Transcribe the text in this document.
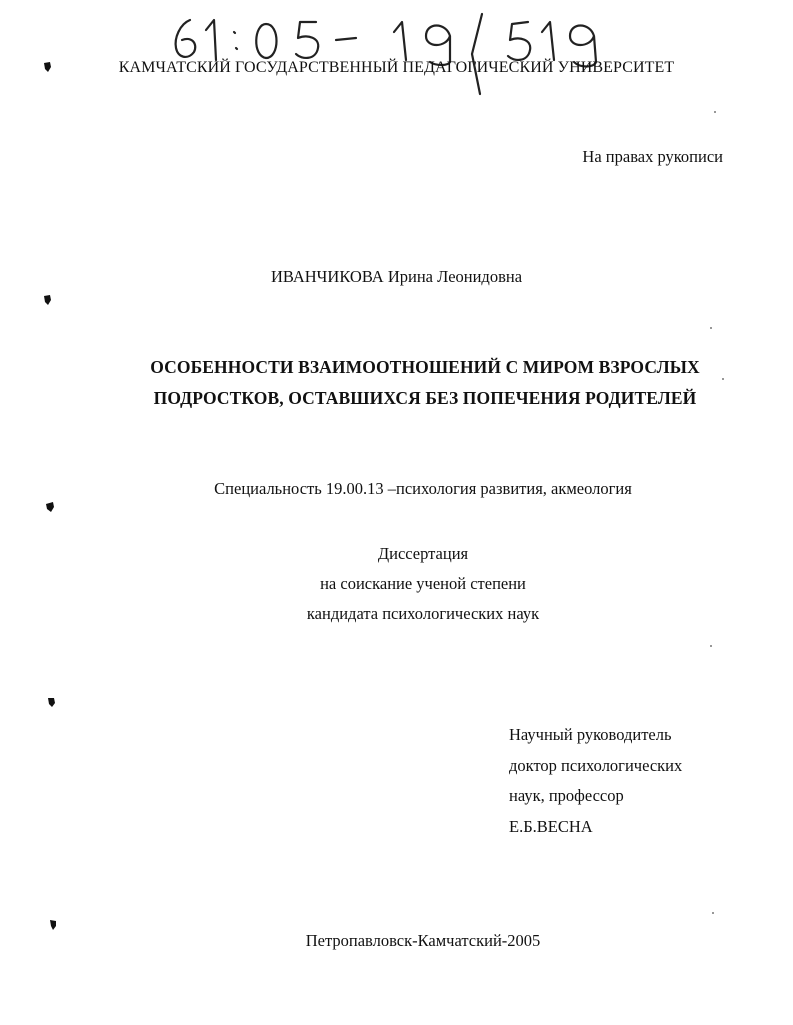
КАМЧАТСКИЙ ГОСУДАРСТВЕННЫЙ ПЕДАГОГИЧЕСКИЙ УНИВЕРСИТЕТ
На правах рукописи
ИВАНЧИКОВА Ирина Леонидовна
ОСОБЕННОСТИ ВЗАИМООТНОШЕНИЙ С МИРОМ ВЗРОСЛЫХ
ПОДРОСТКОВ, ОСТАВШИХСЯ БЕЗ ПОПЕЧЕНИЯ РОДИТЕЛЕЙ
Специальность 19.00.13 –психология развития, акмеология
Диссертация
на соискание ученой степени
кандидата психологических наук
Научный руководитель
доктор психологических
наук, профессор
Е.Б.ВЕСНА
Петропавловск-Камчатский-2005
